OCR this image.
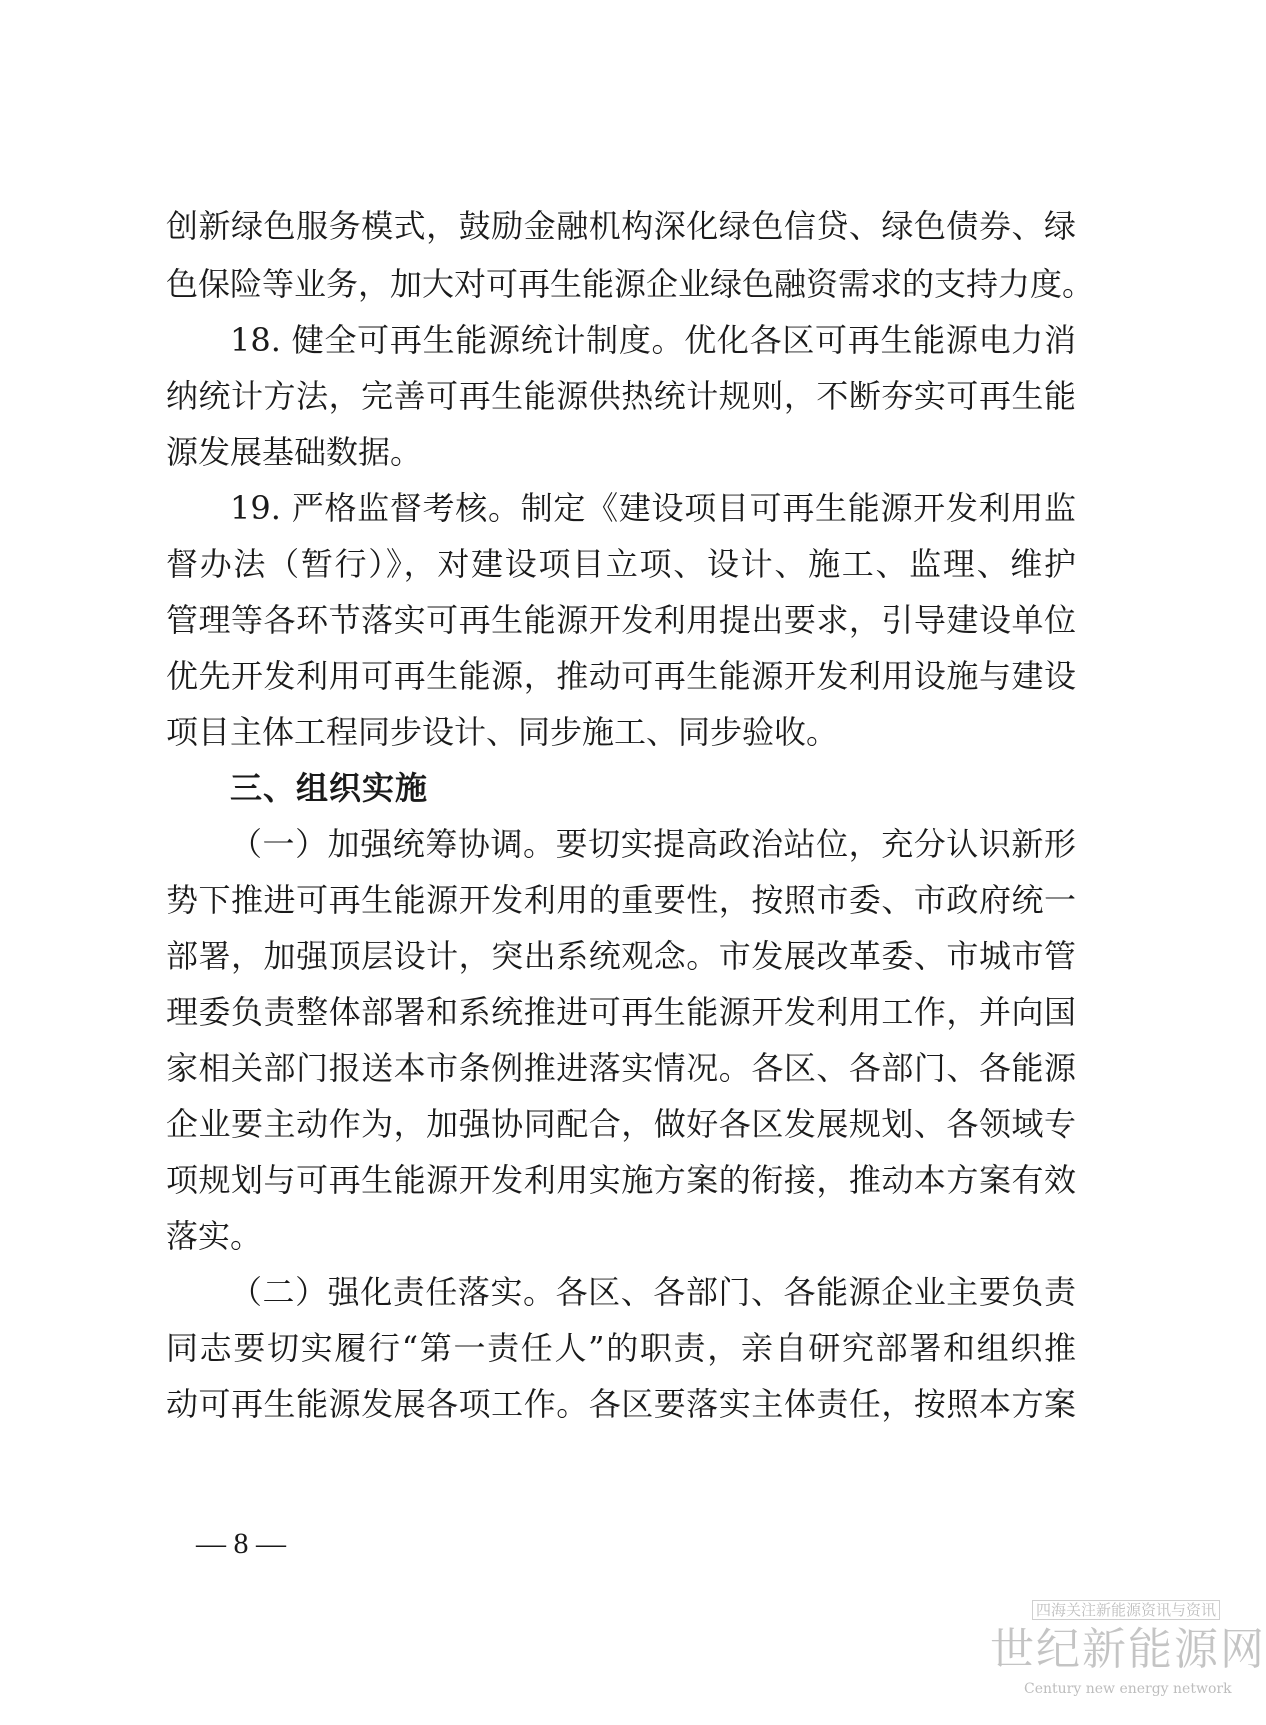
创新绿色服务模式，鼓励金融机构深化绿色信贷、绿色债券、绿
色保险等业务，加大对可再生能源企业绿色融资需求的支持力度。
18. 健全可再生能源统计制度。优化各区可再生能源电力消
纳统计方法，完善可再生能源供热统计规则，不断夯实可再生能
源发展基础数据。
19. 严格监督考核。制定《建设项目可再生能源开发利用监
督办法（暂行）》，对建设项目立项、设计、施工、监理、维护
管理等各环节落实可再生能源开发利用提出要求，引导建设单位
优先开发利用可再生能源，推动可再生能源开发利用设施与建设
项目主体工程同步设计、同步施工、同步验收。
三、组织实施
（一）加强统筹协调。要切实提高政治站位，充分认识新形
势下推进可再生能源开发利用的重要性，按照市委、市政府统一
部署，加强顶层设计，突出系统观念。市发展改革委、市城市管
理委负责整体部署和系统推进可再生能源开发利用工作，并向国
家相关部门报送本市条例推进落实情况。各区、各部门、各能源
企业要主动作为，加强协同配合，做好各区发展规划、各领域专
项规划与可再生能源开发利用实施方案的衔接，推动本方案有效
落实。
（二）强化责任落实。各区、各部门、各能源企业主要负责
同志要切实履行“第一责任人”的职责，亲自研究部署和组织推
动可再生能源发展各项工作。各区要落实主体责任，按照本方案
— 8 —
四海关注新能源资讯与资讯
世纪新能源网
Century new energy network
